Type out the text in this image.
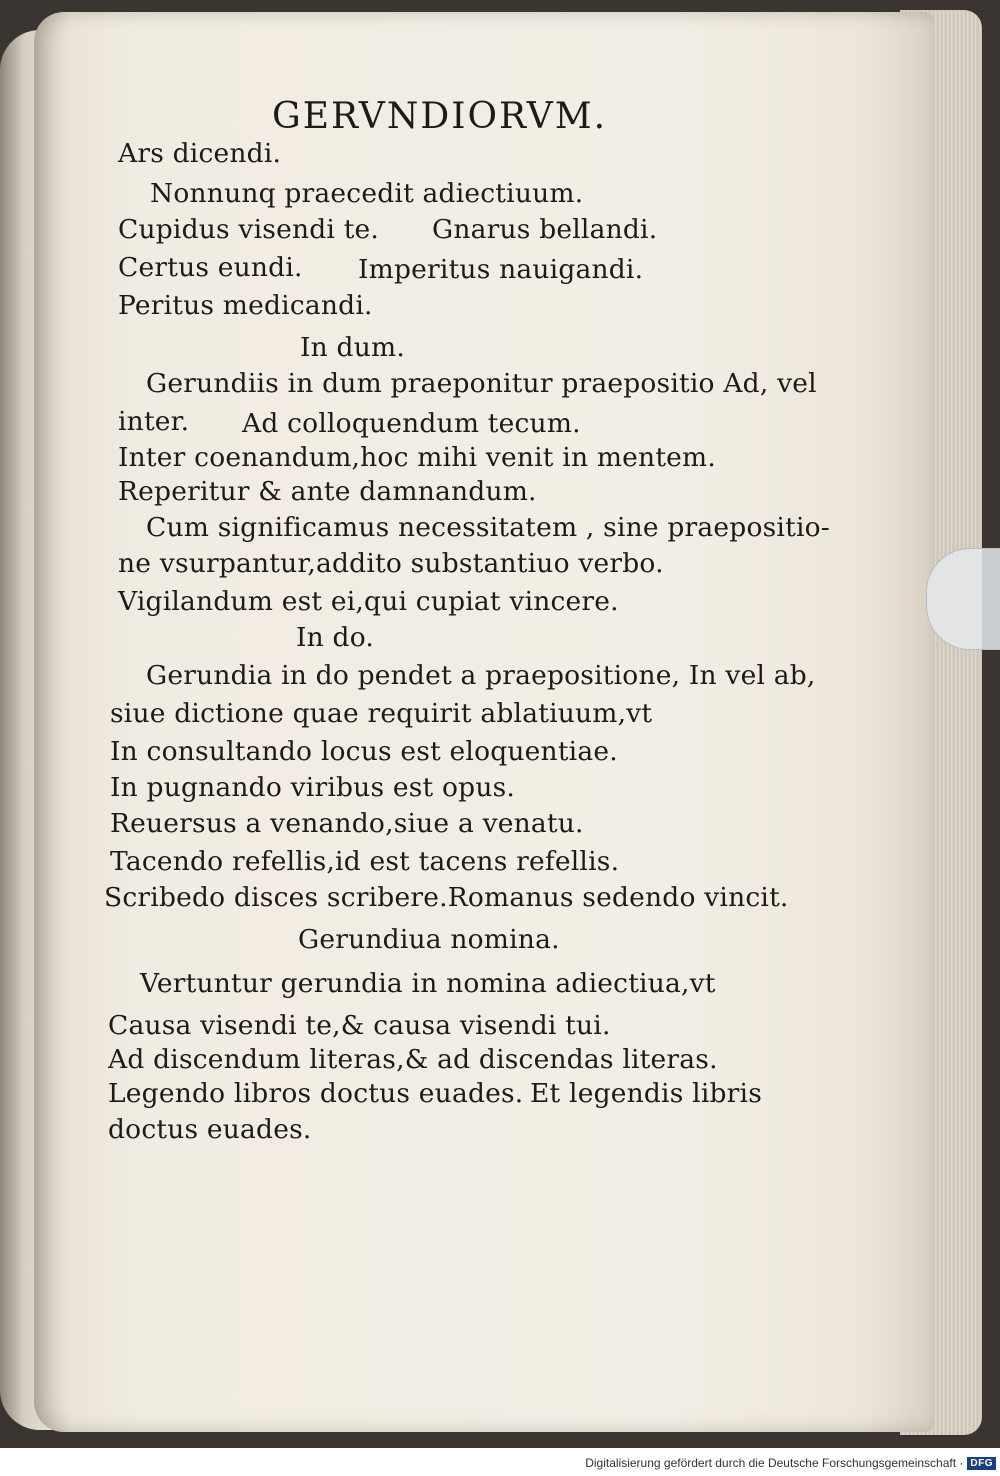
GERVNDIORVM.
Ars dicendi.
Nonnunq praecedit adiectiuum.
Cupidus visendi te. Gnarus bellandi.
Certus eundi. Imperitus nauigandi.
Peritus medicandi.
In dum.
Gerundiis in dum praeponitur praepositio Ad, vel
inter. Ad colloquendum tecum.
Inter coenandum,hoc mihi venit in mentem.
Reperitur & ante damnandum.
Cum significamus necessitatem , sine praepositio-
ne vsurpantur,addito substantiuo verbo.
Vigilandum est ei,qui cupiat vincere.
In do.
Gerundia in do pendet a praepositione, In vel ab,
siue dictione quae requirit ablatiuum,vt
In consultando locus est eloquentiae.
In pugnando viribus est opus.
Reuersus a venando,siue a venatu.
Tacendo refellis,id est tacens refellis.
Scribedo disces scribere.Romanus sedendo vincit.
Gerundiua nomina.
Vertuntur gerundia in nomina adiectiua,vt
Causa visendi te,& causa visendi tui.
Ad discendum literas,& ad discendas literas.
Legendo libros doctus euades. Et legendis libris
doctus euades.
Digitalisierung gefördert durch die Deutsche Forschungsgemeinschaft · DFG
